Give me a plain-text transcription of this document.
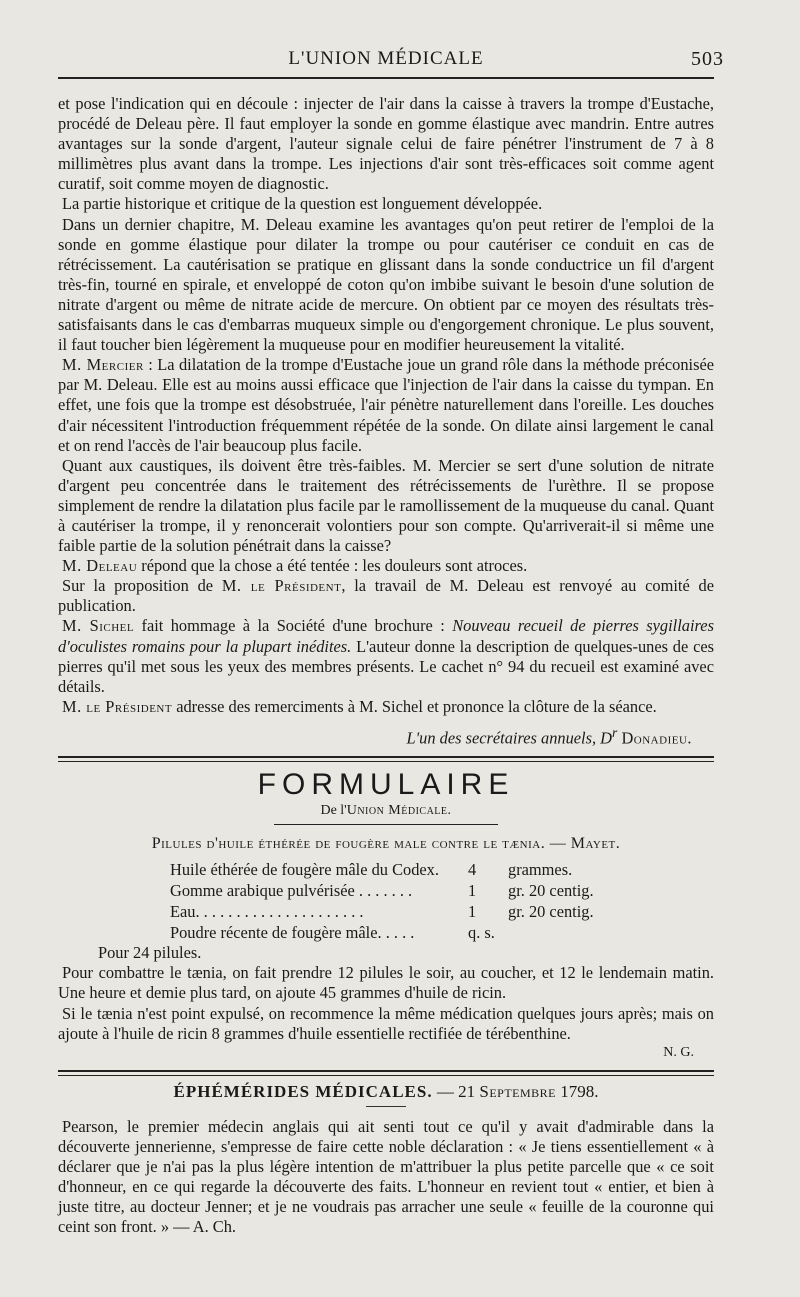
L'UNION MÉDICALE	503

et pose l'indication qui en découle : injecter de l'air dans la caisse à travers la trompe d'Eustache, procédé de Deleau père. Il faut employer la sonde en gomme élastique avec mandrin. Entre autres avantages sur la sonde d'argent, l'auteur signale celui de faire pénétrer l'instrument de 7 à 8 millimètres plus avant dans la trompe. Les injections d'air sont très-efficaces soit comme agent curatif, soit comme moyen de diagnostic.

La partie historique et critique de la question est longuement développée.

Dans un dernier chapitre, M. Deleau examine les avantages qu'on peut retirer de l'emploi de la sonde en gomme élastique pour dilater la trompe ou pour cautériser ce conduit en cas de rétrécissement. La cautérisation se pratique en glissant dans la sonde conductrice un fil d'argent très-fin, tourné en spirale, et enveloppé de coton qu'on imbibe suivant le besoin d'une solution de nitrate d'argent ou même de nitrate acide de mercure. On obtient par ce moyen des résultats très-satisfaisants dans le cas d'embarras muqueux simple ou d'engorgement chronique. Le plus souvent, il faut toucher bien légèrement la muqueuse pour en modifier heureusement la vitalité.

M. Mercier : La dilatation de la trompe d'Eustache joue un grand rôle dans la méthode préconisée par M. Deleau. Elle est au moins aussi efficace que l'injection de l'air dans la caisse du tympan. En effet, une fois que la trompe est désobstruée, l'air pénètre naturellement dans l'oreille. Les douches d'air nécessitent l'introduction fréquemment répétée de la sonde. On dilate ainsi largement le canal et on rend l'accès de l'air beaucoup plus facile.

Quant aux caustiques, ils doivent être très-faibles. M. Mercier se sert d'une solution de nitrate d'argent peu concentrée dans le traitement des rétrécissements de l'urèthre. Il se propose simplement de rendre la dilatation plus facile par le ramollissement de la muqueuse du canal. Quant à cautériser la trompe, il y renoncerait volontiers pour son compte. Qu'arriverait-il si même une faible partie de la solution pénétrait dans la caisse?

M. Deleau répond que la chose a été tentée : les douleurs sont atroces.

Sur la proposition de M. le Président, la travail de M. Deleau est renvoyé au comité de publication.

M. Sichel fait hommage à la Société d'une brochure : Nouveau recueil de pierres sygillaires d'oculistes romains pour la plupart inédites. L'auteur donne la description de quelques-unes de ces pierres qu'il met sous les yeux des membres présents. Le cachet n° 94 du recueil est examiné avec détails.

M. le Président adresse des remerciments à M. Sichel et prononce la clôture de la séance.

L'un des secrétaires annuels, $D^r$ Donadieu.
FORMULAIRE
De l'Union Médicale.
Pilules d'huile éthérée de fougère male contre le tænia. — Mayet.
Huile éthérée de fougère mâle du Codex.	4	grammes.
Gomme arabique pulvérisée . . . . . . .	1	gr. 20 centig.
Eau. . . . . . . . . . . . . . . . . . . . .	1	gr. 20 centig.
Poudre récente de fougère mâle. . . . .	q. s.	
Pour 24 pilules.

Pour combattre le tænia, on fait prendre 12 pilules le soir, au coucher, et 12 le lendemain matin. Une heure et demie plus tard, on ajoute 45 grammes d'huile de ricin.

Si le tænia n'est point expulsé, on recommence la même médication quelques jours après; mais on ajoute à l'huile de ricin 8 grammes d'huile essentielle rectifiée de térébenthine.

N. G.
ÉPHÉMÉRIDES MÉDICALES. — 21 Septembre 1798.

Pearson, le premier médecin anglais qui ait senti tout ce qu'il y avait d'admirable dans la découverte jennerienne, s'empresse de faire cette noble déclaration : « Je tiens essentiellement « à déclarer que je n'ai pas la plus légère intention de m'attribuer la plus petite parcelle que « ce soit d'honneur, en ce qui regarde la découverte des faits. L'honneur en revient tout « entier, et bien à juste titre, au docteur Jenner; et je ne voudrais pas arracher une seule « feuille de la couronne qui ceint son front. » — A. Ch.
